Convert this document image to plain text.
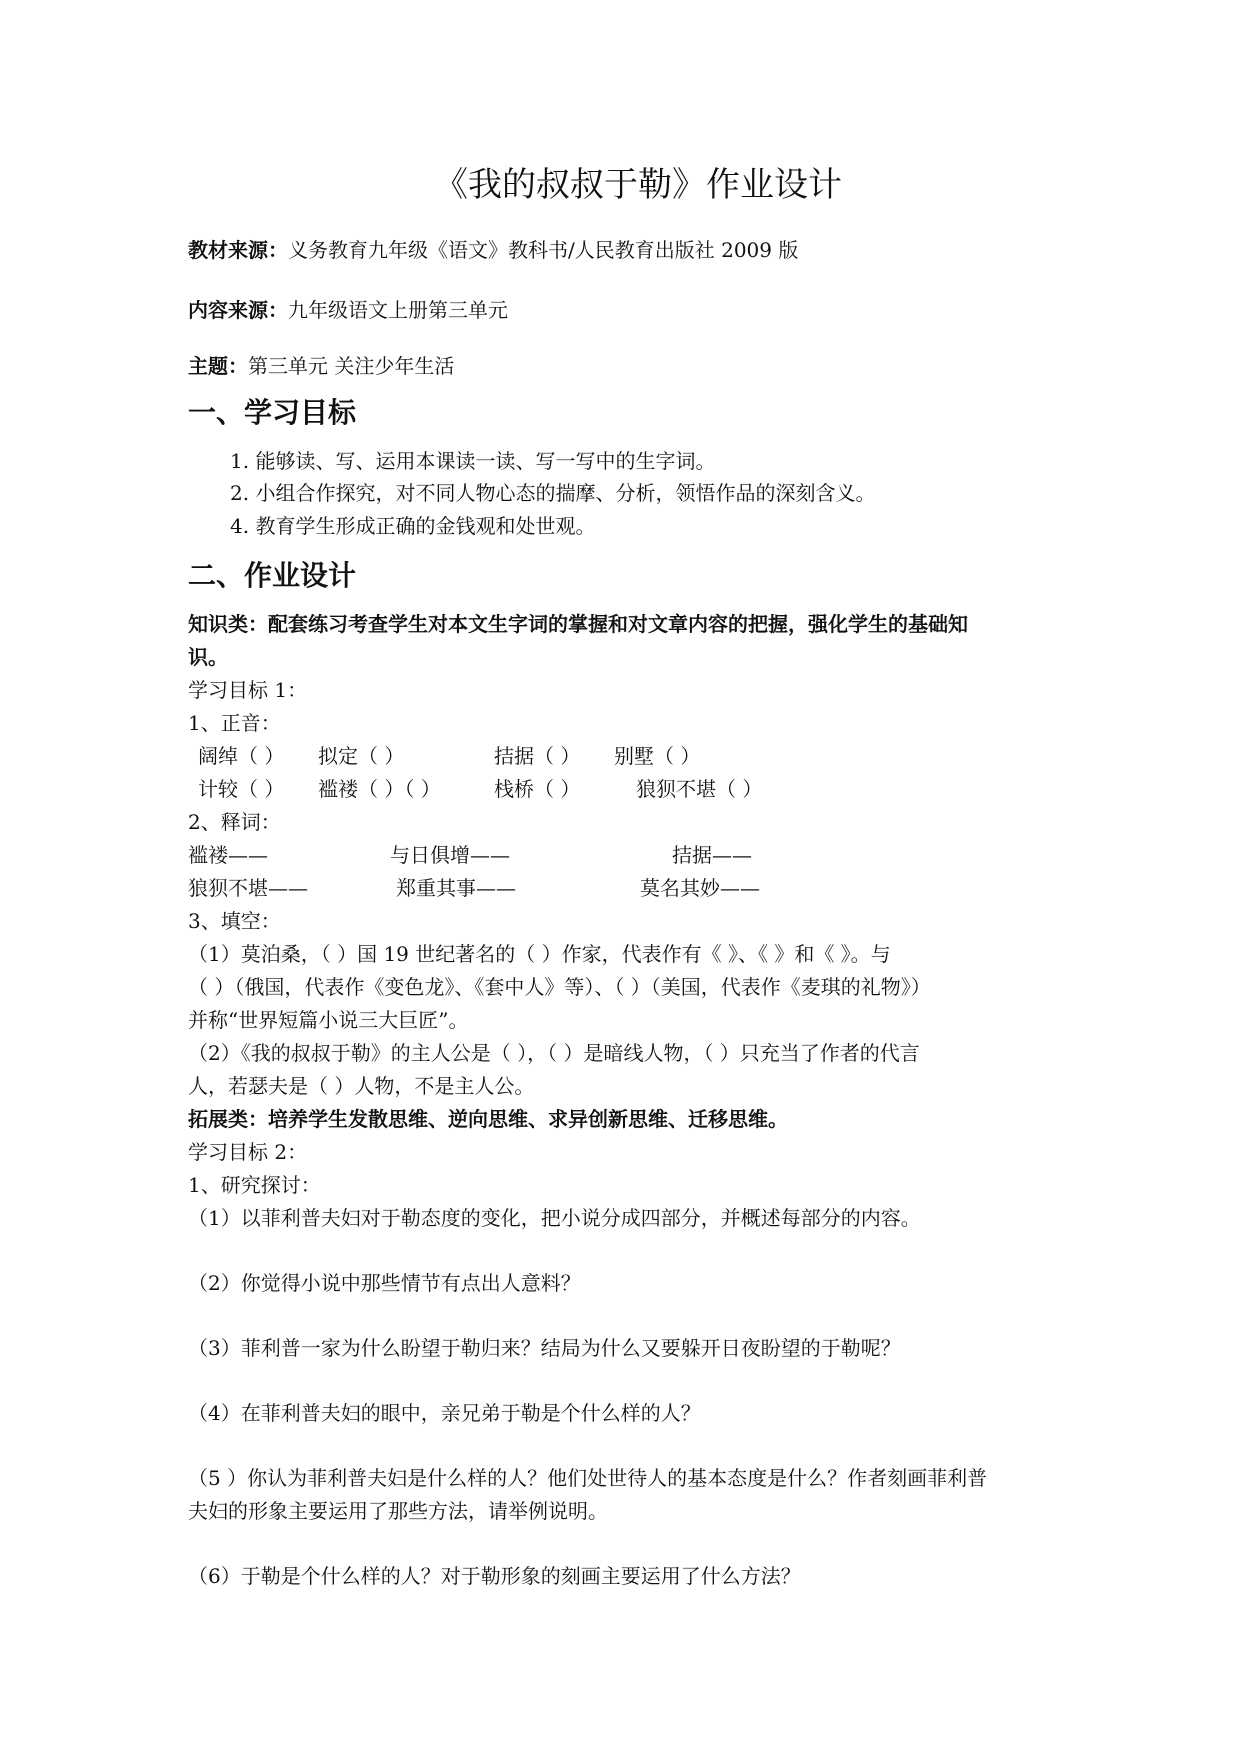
《我的叔叔于勒》作业设计
教材来源：义务教育九年级《语文》教科书/人民教育出版社 2009 版
内容来源：九年级语文上册第三单元
主题：第三单元 关注少年生活
一、学习目标
1. 能够读、写、运用本课读一读、写一写中的生字词。
2. 小组合作探究，对不同人物心态的揣摩、分析，领悟作品的深刻含义。
4. 教育学生形成正确的金钱观和处世观。
二、作业设计
知识类：配套练习考查学生对本文生字词的掌握和对文章内容的把握，强化学生的基础知
识。
学习目标 1：
1、正音：
阔绰（ ） 拟定（ ）	拮据（ ） 别墅（ ）
计较（ ） 褴褛（ ）（ ）	栈桥（ ）	狼狈不堪（ ）
2、释词：
褴褛——	与日俱增——	拮据——
狼狈不堪——	郑重其事——	莫名其妙——
3、填空：
（1）莫泊桑，（ ）国 19 世纪著名的（ ）作家，代表作有《 》、《 》和《 》。与
（ ）（俄国，代表作《变色龙》、《套中人》等）、（ ）（美国，代表作《麦琪的礼物》）
并称“世界短篇小说三大巨匠”。
（2）《我的叔叔于勒》的主人公是（ ），（ ）是暗线人物，（ ）只充当了作者的代言
人，若瑟夫是（ ）人物，不是主人公。
拓展类：培养学生发散思维、逆向思维、求异创新思维、迁移思维。
学习目标 2：
1、研究探讨：
（1）以菲利普夫妇对于勒态度的变化，把小说分成四部分，并概述每部分的内容。
（2）你觉得小说中那些情节有点出人意料？
（3）菲利普一家为什么盼望于勒归来？结局为什么又要躲开日夜盼望的于勒呢？
（4）在菲利普夫妇的眼中，亲兄弟于勒是个什么样的人？
（5 ）你认为菲利普夫妇是什么样的人？他们处世待人的基本态度是什么？作者刻画菲利普
夫妇的形象主要运用了那些方法，请举例说明。
（6）于勒是个什么样的人？对于勒形象的刻画主要运用了什么方法？
